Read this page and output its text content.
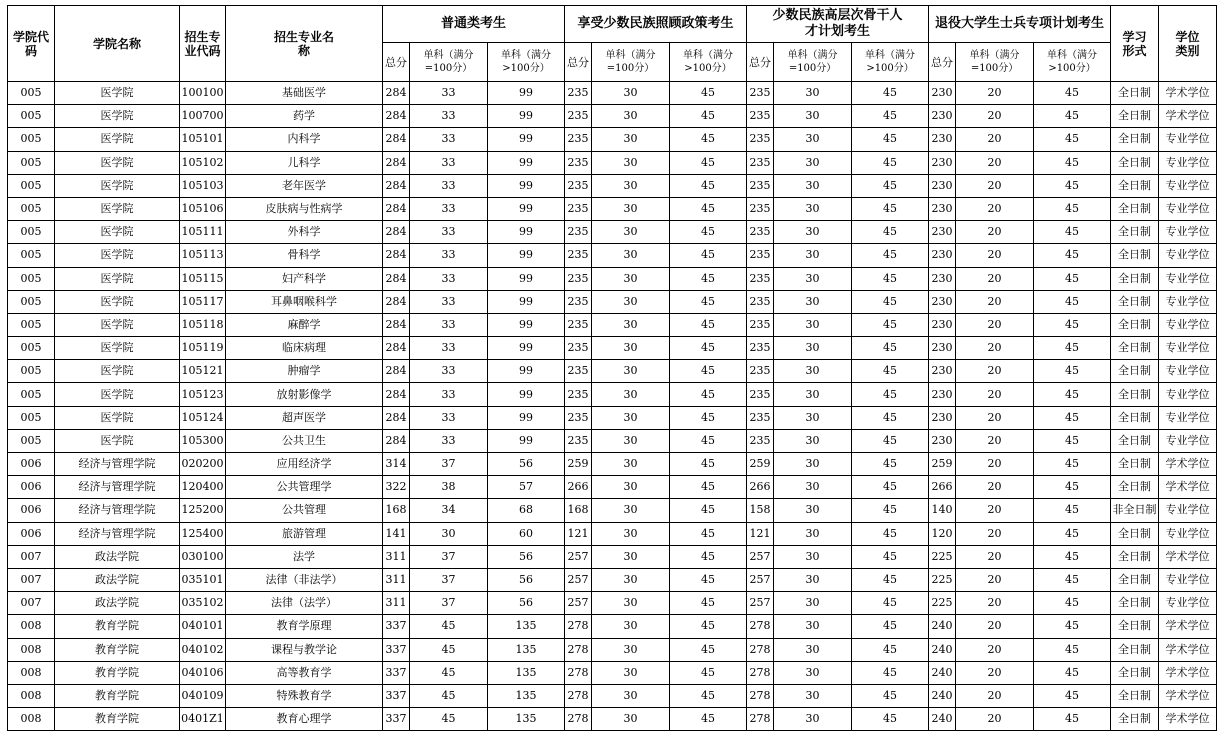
学院代码	学院名称	招生专业代码	招生专业名称	普通类考生			享受少数民族照顾政策考生			少数民族高层次骨干人才计划考生			退役大学生士兵专项计划考生			学习形式	学位类别
				总分	单科（满分=100分）	单科（满分>100分）	总分	单科（满分=100分）	单科（满分>100分）	总分	单科（满分=100分）	单科（满分>100分）	总分	单科（满分=100分）	单科（满分>100分）		
005	医学院	100100	基础医学	284	33	99	235	30	45	235	30	45	230	20	45	全日制	学术学位
005	医学院	100700	药学	284	33	99	235	30	45	235	30	45	230	20	45	全日制	学术学位
005	医学院	105101	内科学	284	33	99	235	30	45	235	30	45	230	20	45	全日制	专业学位
005	医学院	105102	儿科学	284	33	99	235	30	45	235	30	45	230	20	45	全日制	专业学位
005	医学院	105103	老年医学	284	33	99	235	30	45	235	30	45	230	20	45	全日制	专业学位
005	医学院	105106	皮肤病与性病学	284	33	99	235	30	45	235	30	45	230	20	45	全日制	专业学位
005	医学院	105111	外科学	284	33	99	235	30	45	235	30	45	230	20	45	全日制	专业学位
005	医学院	105113	骨科学	284	33	99	235	30	45	235	30	45	230	20	45	全日制	专业学位
005	医学院	105115	妇产科学	284	33	99	235	30	45	235	30	45	230	20	45	全日制	专业学位
005	医学院	105117	耳鼻咽喉科学	284	33	99	235	30	45	235	30	45	230	20	45	全日制	专业学位
005	医学院	105118	麻醉学	284	33	99	235	30	45	235	30	45	230	20	45	全日制	专业学位
005	医学院	105119	临床病理	284	33	99	235	30	45	235	30	45	230	20	45	全日制	专业学位
005	医学院	105121	肿瘤学	284	33	99	235	30	45	235	30	45	230	20	45	全日制	专业学位
005	医学院	105123	放射影像学	284	33	99	235	30	45	235	30	45	230	20	45	全日制	专业学位
005	医学院	105124	超声医学	284	33	99	235	30	45	235	30	45	230	20	45	全日制	专业学位
005	医学院	105300	公共卫生	284	33	99	235	30	45	235	30	45	230	20	45	全日制	专业学位
006	经济与管理学院	020200	应用经济学	314	37	56	259	30	45	259	30	45	259	20	45	全日制	学术学位
006	经济与管理学院	120400	公共管理学	322	38	57	266	30	45	266	30	45	266	20	45	全日制	学术学位
006	经济与管理学院	125200	公共管理	168	34	68	168	30	45	158	30	45	140	20	45	非全日制	专业学位
006	经济与管理学院	125400	旅游管理	141	30	60	121	30	45	121	30	45	120	20	45	全日制	专业学位
007	政法学院	030100	法学	311	37	56	257	30	45	257	30	45	225	20	45	全日制	学术学位
007	政法学院	035101	法律（非法学）	311	37	56	257	30	45	257	30	45	225	20	45	全日制	专业学位
007	政法学院	035102	法律（法学）	311	37	56	257	30	45	257	30	45	225	20	45	全日制	专业学位
008	教育学院	040101	教育学原理	337	45	135	278	30	45	278	30	45	240	20	45	全日制	学术学位
008	教育学院	040102	课程与教学论	337	45	135	278	30	45	278	30	45	240	20	45	全日制	学术学位
008	教育学院	040106	高等教育学	337	45	135	278	30	45	278	30	45	240	20	45	全日制	学术学位
008	教育学院	040109	特殊教育学	337	45	135	278	30	45	278	30	45	240	20	45	全日制	学术学位
008	教育学院	0401Z1	教育心理学	337	45	135	278	30	45	278	30	45	240	20	45	全日制	学术学位
